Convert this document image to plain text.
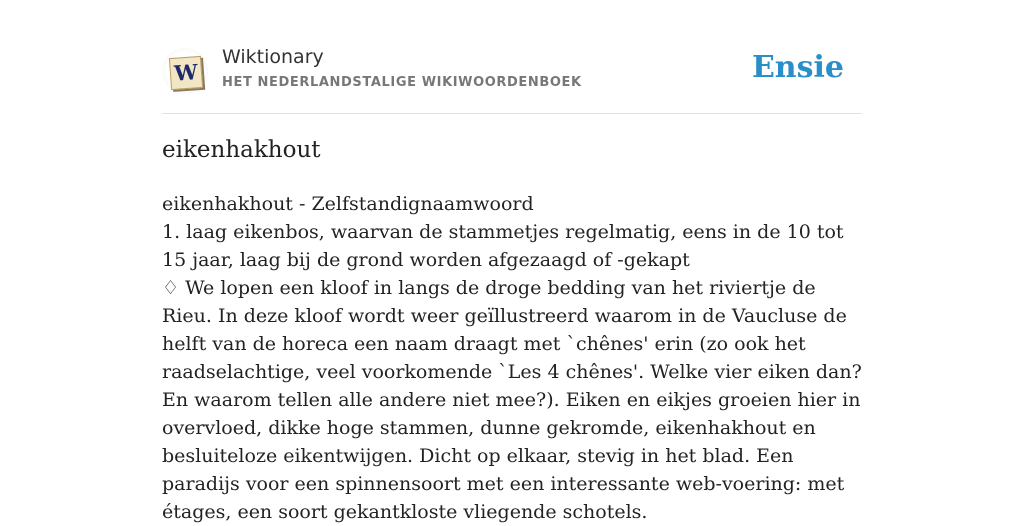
W
Wiktionary
HET NEDERLANDSTALIGE WIKIWOORDENBOEK	Ensie
eikenhakhout

eikenhakhout - Zelfstandignaamwoord

1. laag eikenbos, waarvan de stammetjes regelmatig, eens in de 10 tot 15 jaar, laag bij de grond worden afgezaagd of -gekapt

♢ We lopen een kloof in langs de droge bedding van het riviertje de Rieu. In deze kloof wordt weer geïllustreerd waarom in de Vaucluse de helft van de horeca een naam draagt met `chênes' erin (zo ook het raadselachtige, veel voorkomende `Les 4 chênes'. Welke vier eiken dan? En waarom tellen alle andere niet mee?). Eiken en eikjes groeien hier in overvloed, dikke hoge stammen, dunne gekromde, eikenhakhout en besluiteloze eikentwijgen. Dicht op elkaar, stevig in het blad. Een paradijs voor een spinnensoort met een interessante web-voering: met étages, een soort gekantkloste vliegende schotels.
